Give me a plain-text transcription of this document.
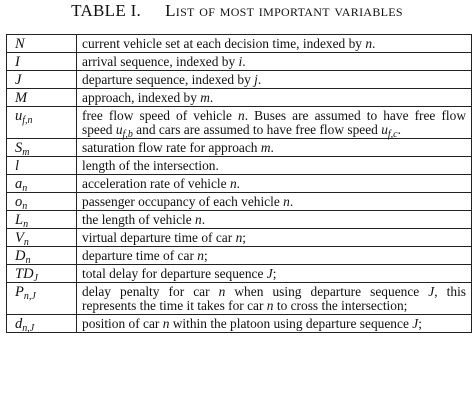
TABLE I. List of most important variables
N	current vehicle set at each decision time, indexed by n.
I	arrival sequence, indexed by i.
J	departure sequence, indexed by j.
M	approach, indexed by m.
$u_{f,n}$	free flow speed of vehicle n. Buses are assumed to have free flow speed $u_{f,b}$ and cars are assumed to have free flow speed $u_{f,c}$.
$S_m$	saturation flow rate for approach m.
l	length of the intersection.
$a_n$	acceleration rate of vehicle n.
$o_n$	passenger occupancy of each vehicle n.
$L_n$	the length of vehicle n.
$V_n$	virtual departure time of car n;
$D_n$	departure time of car n;
$TD_J$	total delay for departure sequence J;
$P_{n,J}$	delay penalty for car n when using departure sequence J, this represents the time it takes for car n to cross the intersection;
$d_{n,J}$	position of car n within the platoon using departure sequence J;
